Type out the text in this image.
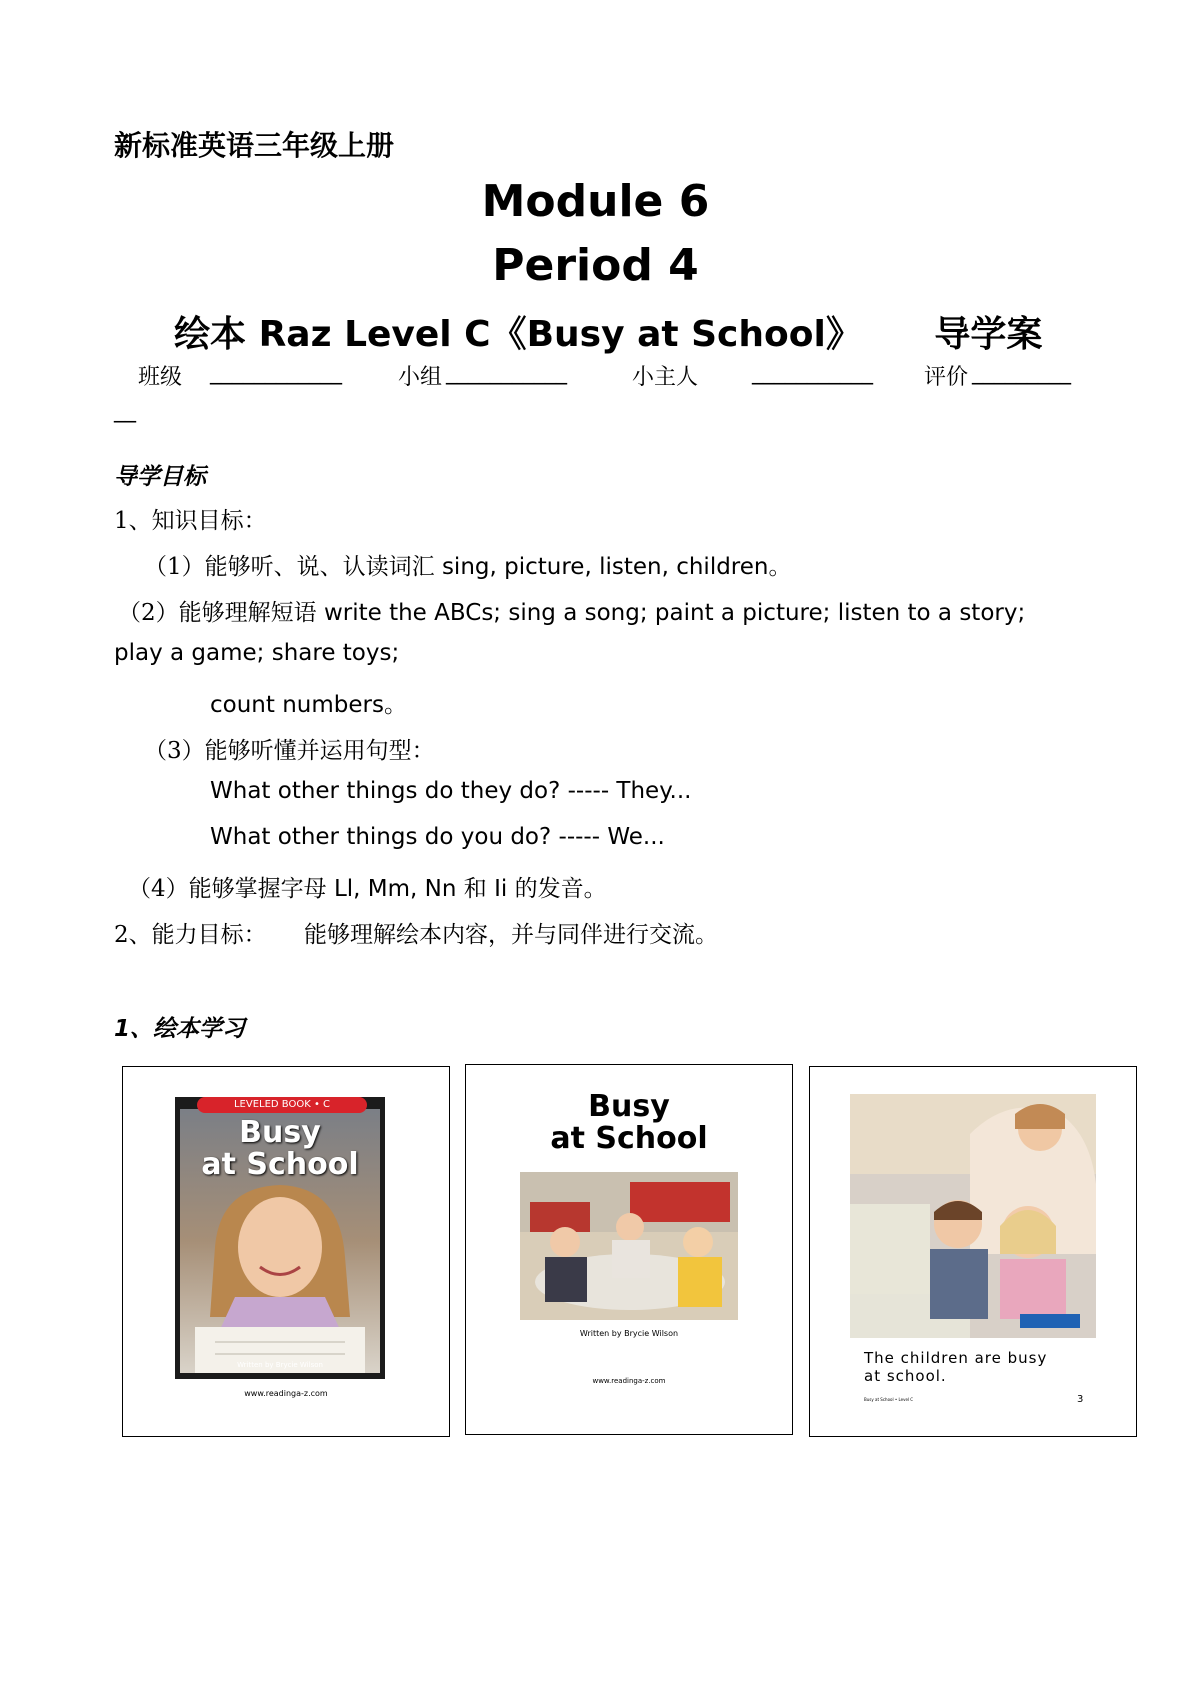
新标准英语三年级上册
Module 6
Period 4
绘本 Raz Level C《Busy at School》 导学案
班级 ____________	小组 ___________	小主人 ___________ 评价 _________
__
导学目标
1、知识目标：
（1）能够听、说、认读词汇 sing, picture, listen, children。
（2）能够理解短语 write the ABCs; sing a song; paint a picture; listen to a story;
play a game; share toys;
count numbers。
（3）能够听懂并运用句型：
What other things do they do? ----- They...
What other things do you do? ----- We...
（4）能够掌握字母 Ll, Mm, Nn 和 Ii 的发音。
2、能力目标： 能够理解绘本内容，并与同伴进行交流。
1、绘本学习
LEVELED BOOK • C
Busy
at School
Written by Brycie Wilson
www.readinga-z.com
Busy
at School
Written by Brycie Wilson
www.readinga-z.com
The children are busy
at school.
Busy at School • Level C	3
